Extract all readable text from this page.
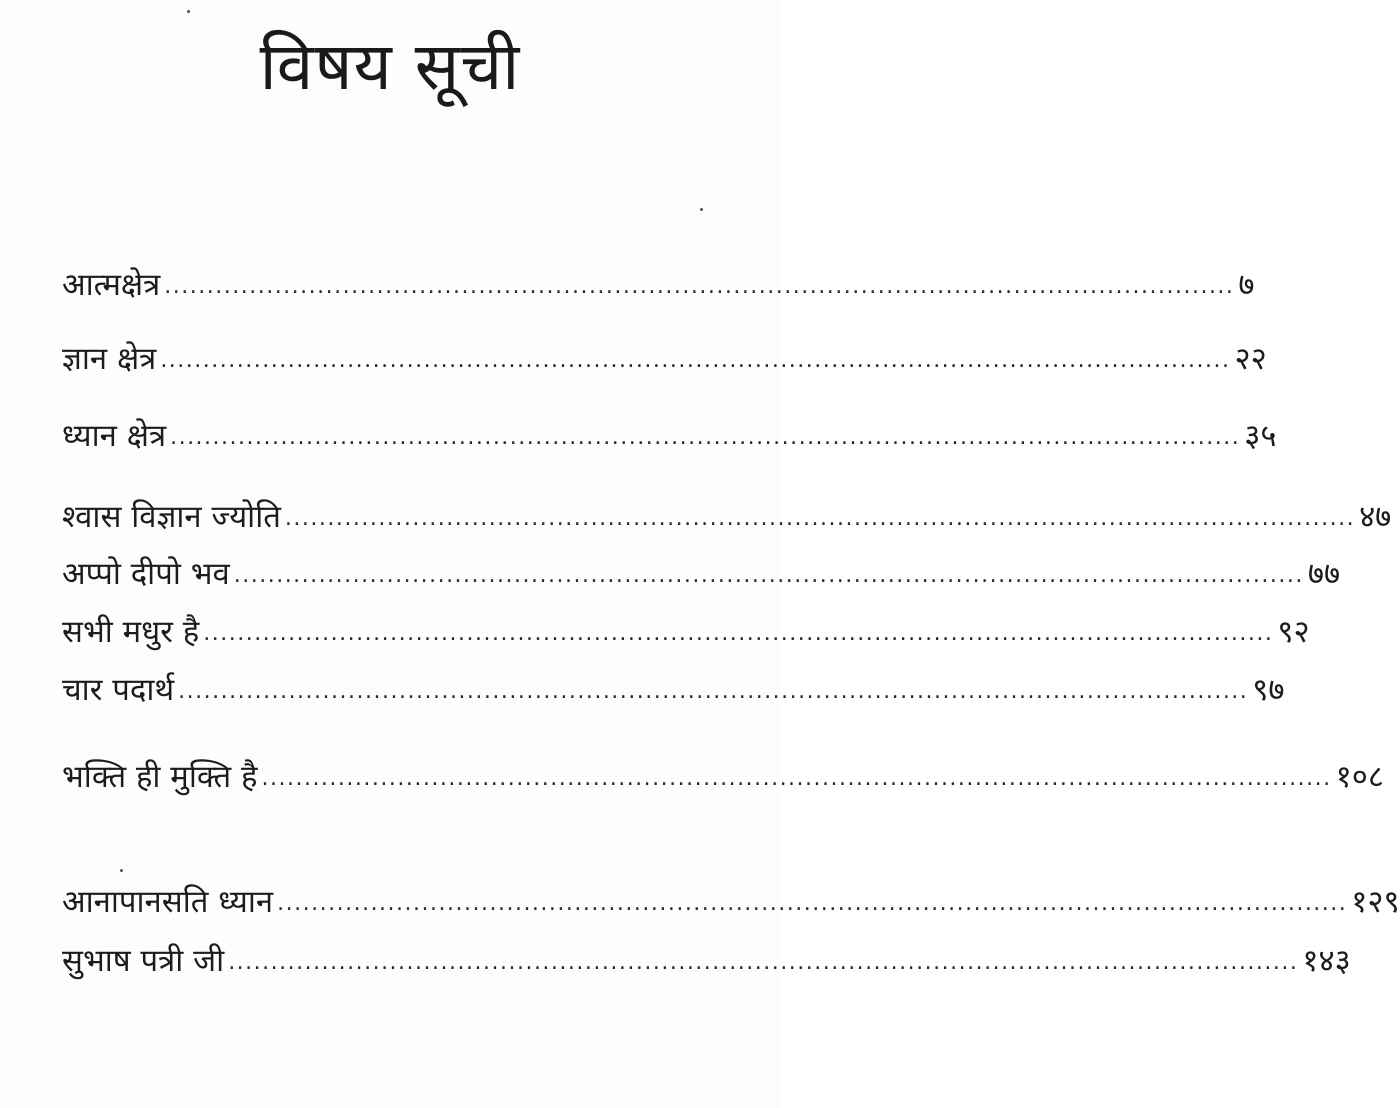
विषय सूची
आत्मक्षेत्र .............................................................................................................................. ७
ज्ञान क्षेत्र .............................................................................................................................. २२
ध्यान क्षेत्र .............................................................................................................................. ३५
श्वास विज्ञान ज्योति .............................................................................................................................. ४७
अप्पो दीपो भव .............................................................................................................................. ७७
सभी मधुर है .............................................................................................................................. ९२
चार पदार्थ .............................................................................................................................. ९७
भक्ति ही मुक्ति है .............................................................................................................................. १०८
आनापानसति ध्यान .............................................................................................................................. १२९
सुभाष पत्री जी .............................................................................................................................. १४३
